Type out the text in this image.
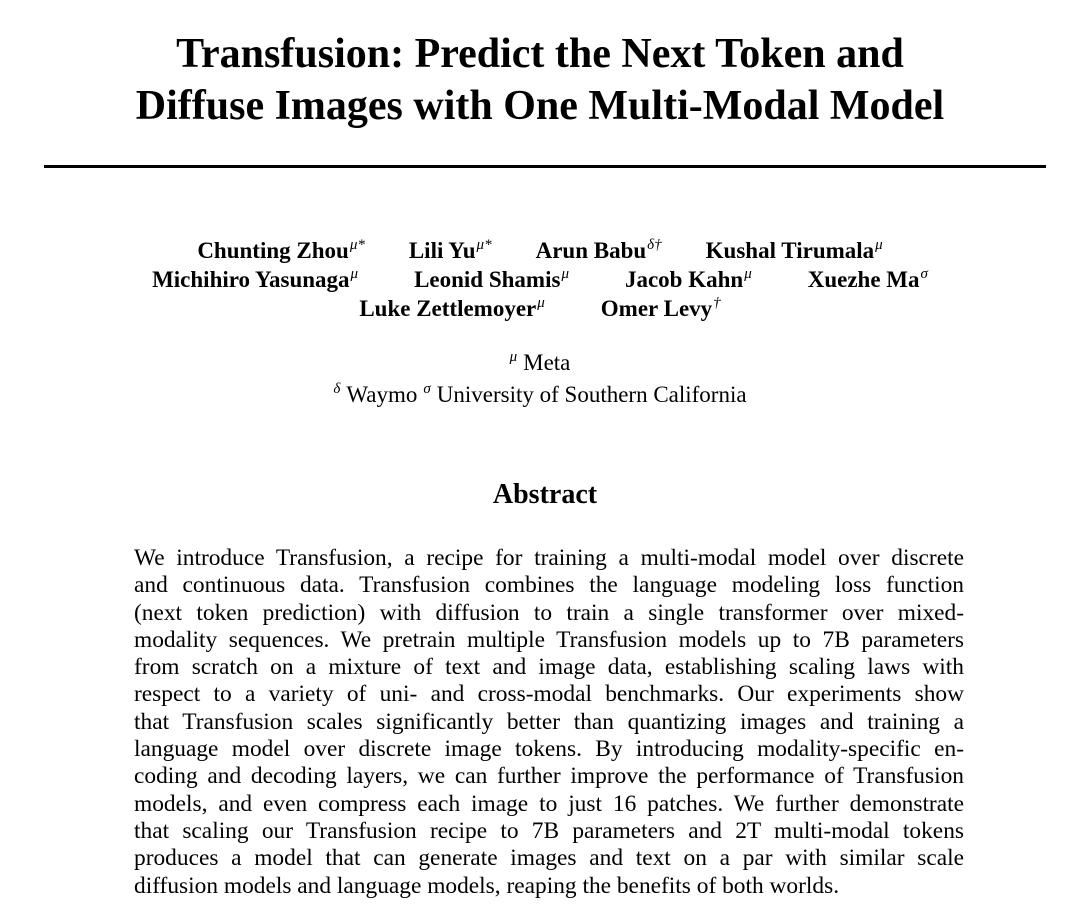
Transfusion: Predict the Next Token and
Diffuse Images with One Multi-Modal Model
Chunting Zhou$^{\mu*}$ Lili $Yu^{\mu*}$ Arun Babu$^{\delta\dagger}$ Kushal Tirumala$^\mu$
Michihiro Yasunaga$^\mu$ Leonid Shamis$^\mu$ Jacob Kahn$^\mu$ Xuezhe $Ma^\sigma$
Luke Zettlemoyer$^\mu$ Omer Levy†
$^\mu$ Meta
$^\delta$ Waymo $^\sigma$ University of Southern California
Abstract
We introduce Transfusion, a recipe for training a multi-modal model over discrete
and continuous data. Transfusion combines the language modeling loss function
(next token prediction) with diffusion to train a single transformer over mixed-
modality sequences. We pretrain multiple Transfusion models up to 7B parameters
from scratch on a mixture of text and image data, establishing scaling laws with
respect to a variety of uni- and cross-modal benchmarks. Our experiments show
that Transfusion scales significantly better than quantizing images and training a
language model over discrete image tokens. By introducing modality-specific en-
coding and decoding layers, we can further improve the performance of Transfusion
models, and even compress each image to just 16 patches. We further demonstrate
that scaling our Transfusion recipe to 7B parameters and 2T multi-modal tokens
produces a model that can generate images and text on a par with similar scale
diffusion models and language models, reaping the benefits of both worlds.
